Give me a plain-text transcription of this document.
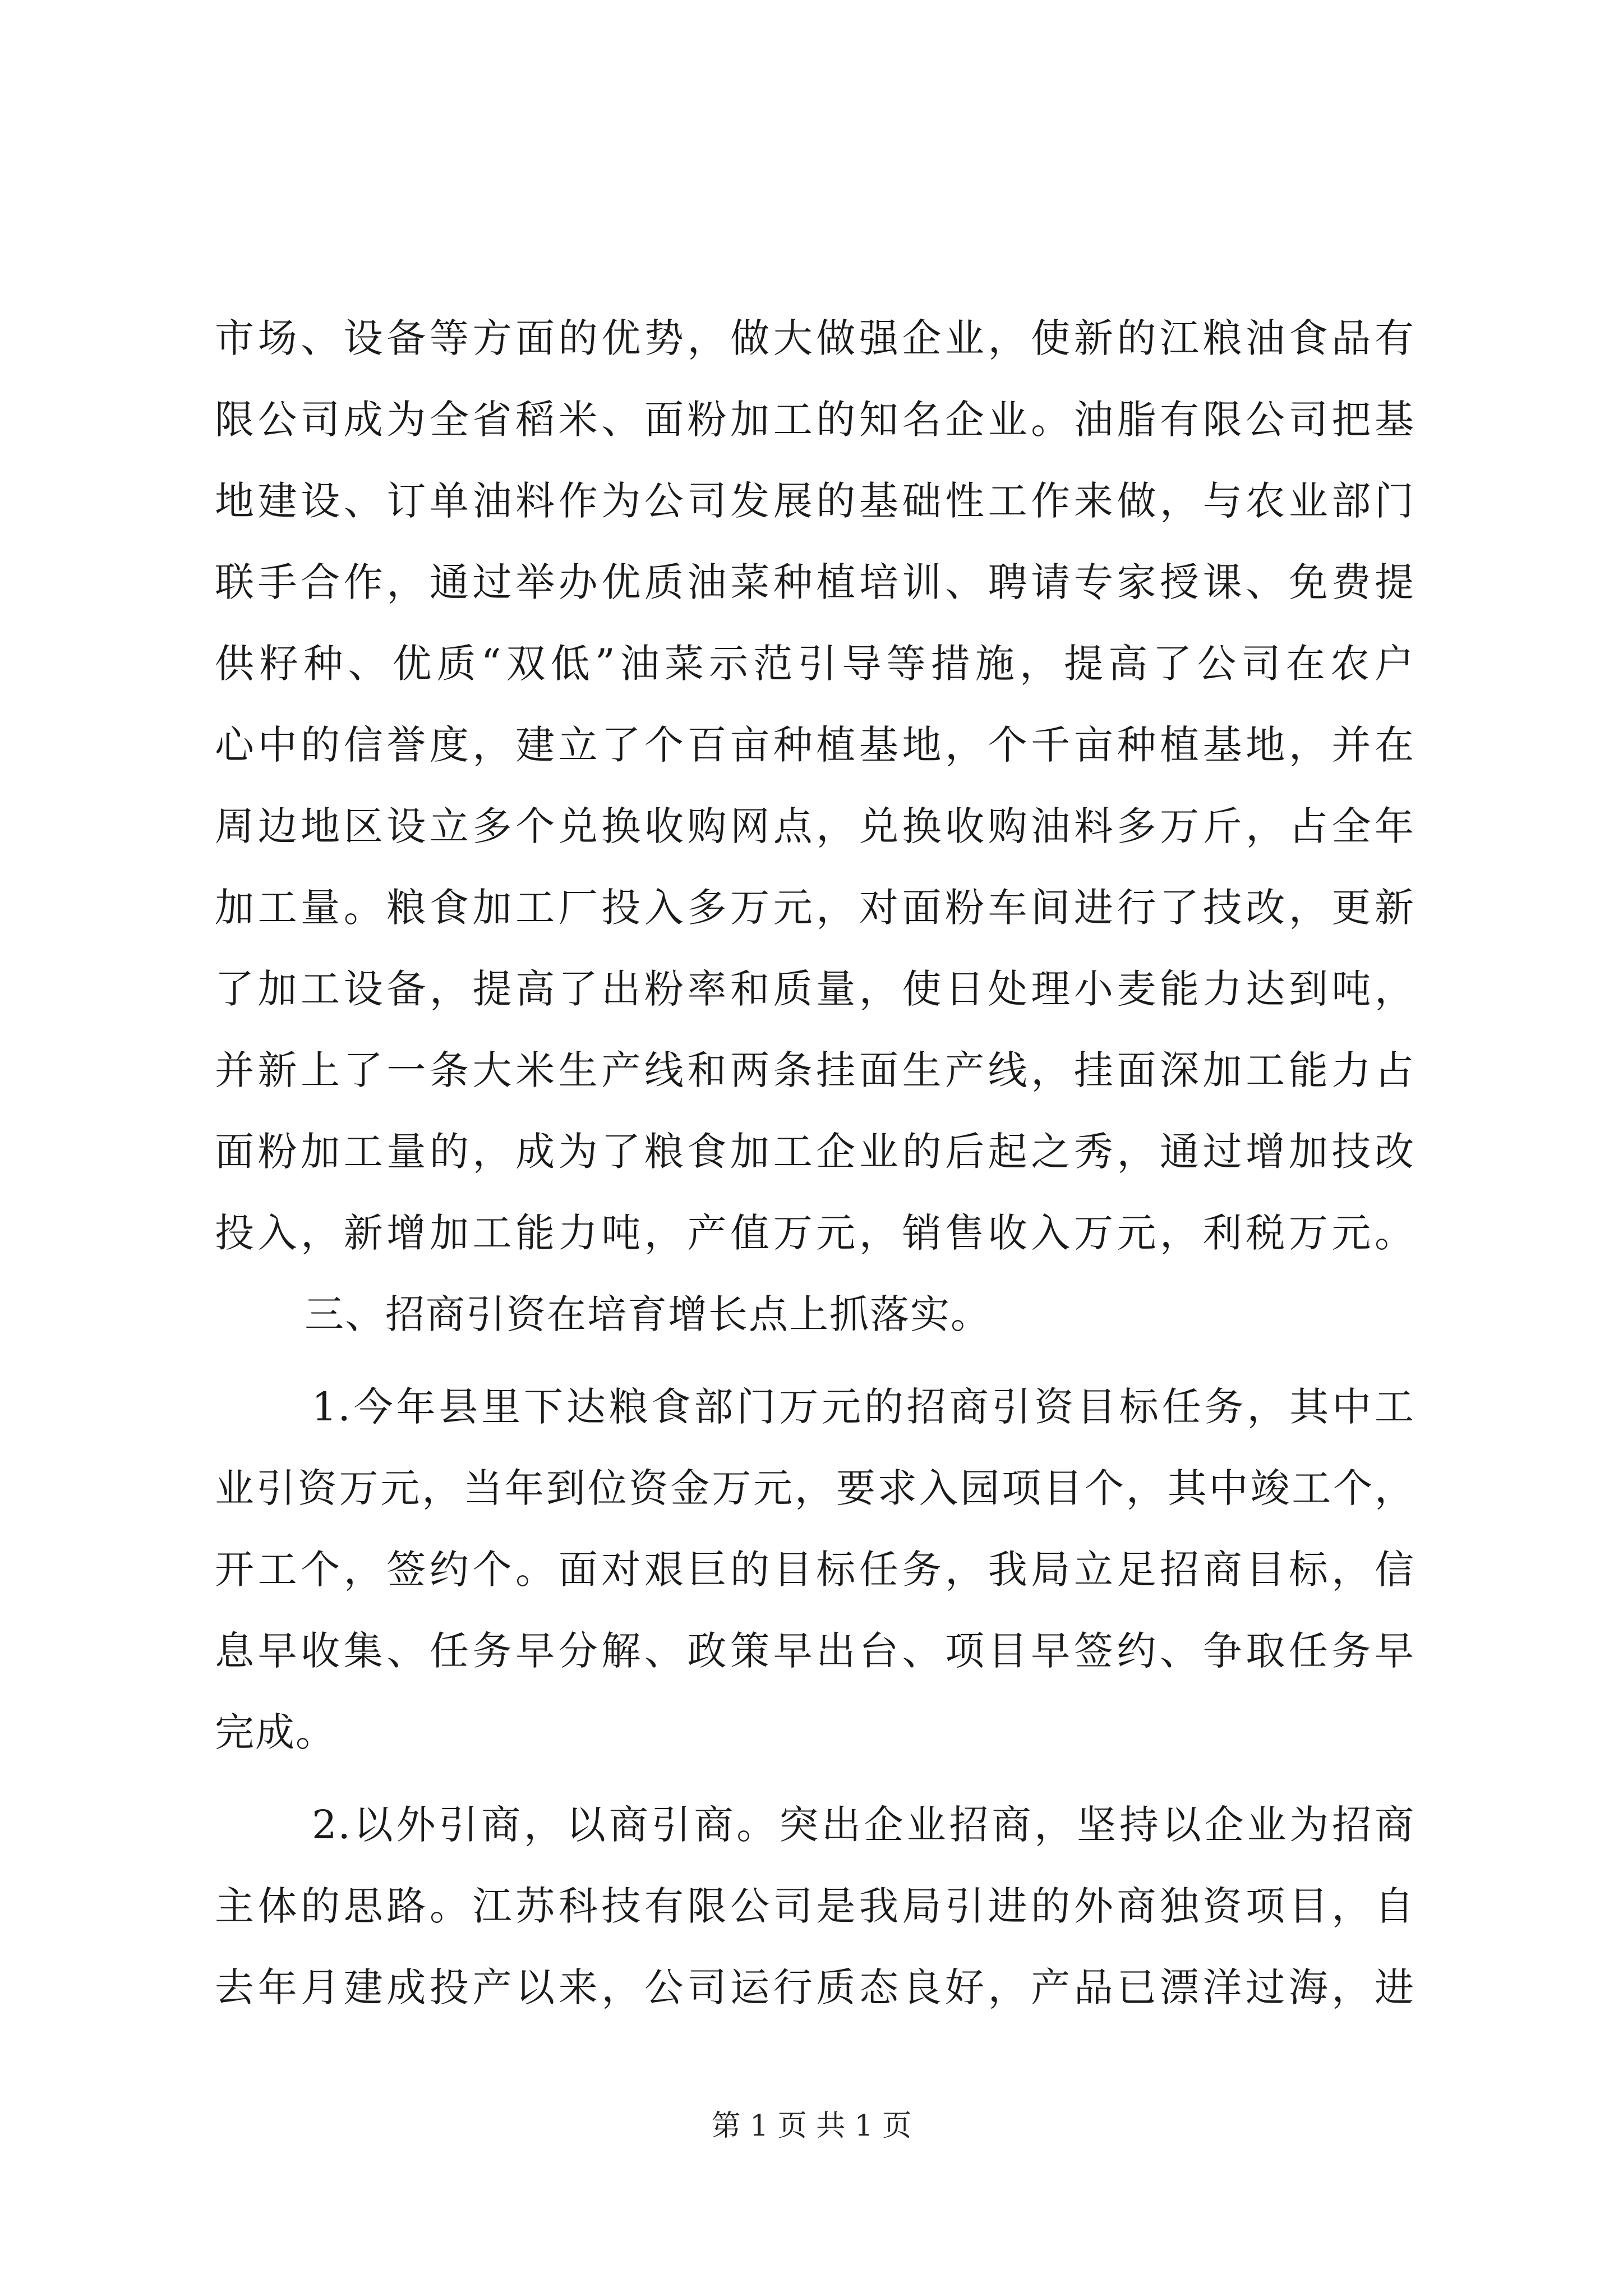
市场、设备等方面的优势，做大做强企业，使新的江粮油食品有
限公司成为全省稻米、面粉加工的知名企业。油脂有限公司把基
地建设、订单油料作为公司发展的基础性工作来做，与农业部门
联手合作，通过举办优质油菜种植培训、聘请专家授课、免费提
供籽种、优质“双低”油菜示范引导等措施，提高了公司在农户
心中的信誉度，建立了个百亩种植基地，个千亩种植基地，并在
周边地区设立多个兑换收购网点，兑换收购油料多万斤，占全年
加工量。粮食加工厂投入多万元，对面粉车间进行了技改，更新
了加工设备，提高了出粉率和质量，使日处理小麦能力达到吨，
并新上了一条大米生产线和两条挂面生产线，挂面深加工能力占
面粉加工量的，成为了粮食加工企业的后起之秀，通过增加技改
投入，新增加工能力吨，产值万元，销售收入万元，利税万元。
三、招商引资在培育增长点上抓落实。
1.今年县里下达粮食部门万元的招商引资目标任务，其中工
业引资万元，当年到位资金万元，要求入园项目个，其中竣工个，
开工个，签约个。面对艰巨的目标任务，我局立足招商目标，信
息早收集、任务早分解、政策早出台、项目早签约、争取任务早
完成。
2.以外引商，以商引商。突出企业招商，坚持以企业为招商
主体的思路。江苏科技有限公司是我局引进的外商独资项目，自
去年月建成投产以来，公司运行质态良好，产品已漂洋过海，进
第 1 页 共 1 页
